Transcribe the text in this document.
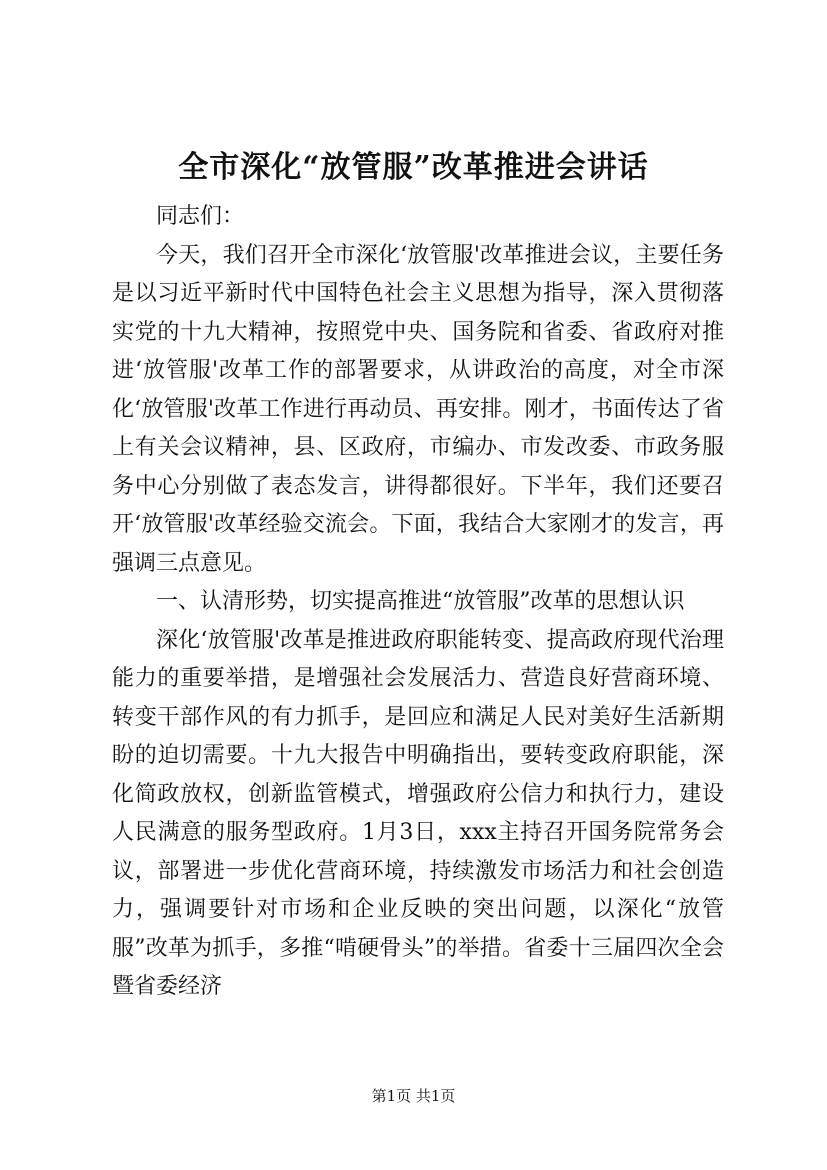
全市深化“放管服”改革推进会讲话

同志们：

今天，我们召开全市深化‘放管服'改革推进会议，主要任务是以习近平新时代中国特色社会主义思想为指导，深入贯彻落实党的十九大精神，按照党中央、国务院和省委、省政府对推进‘放管服'改革工作的部署要求，从讲政治的高度，对全市深化‘放管服'改革工作进行再动员、再安排。刚才，书面传达了省上有关会议精神，县、区政府，市编办、市发改委、市政务服务中心分别做了表态发言，讲得都很好。下半年，我们还要召开‘放管服'改革经验交流会。下面，我结合大家刚才的发言，再强调三点意见。

一、认清形势，切实提高推进“放管服”改革的思想认识

深化‘放管服'改革是推进政府职能转变、提高政府现代治理能力的重要举措，是增强社会发展活力、营造良好营商环境、转变干部作风的有力抓手，是回应和满足人民对美好生活新期盼的迫切需要。十九大报告中明确指出，要转变政府职能，深化简政放权，创新监管模式，增强政府公信力和执行力，建设人民满意的服务型政府。1月3日，xxx主持召开国务院常务会议，部署进一步优化营商环境，持续激发市场活力和社会创造力，强调要针对市场和企业反映的突出问题，以深化“放管服”改革为抓手，多推“啃硬骨头”的举措。省委十三届四次全会暨省委经济

第1页 共1页
